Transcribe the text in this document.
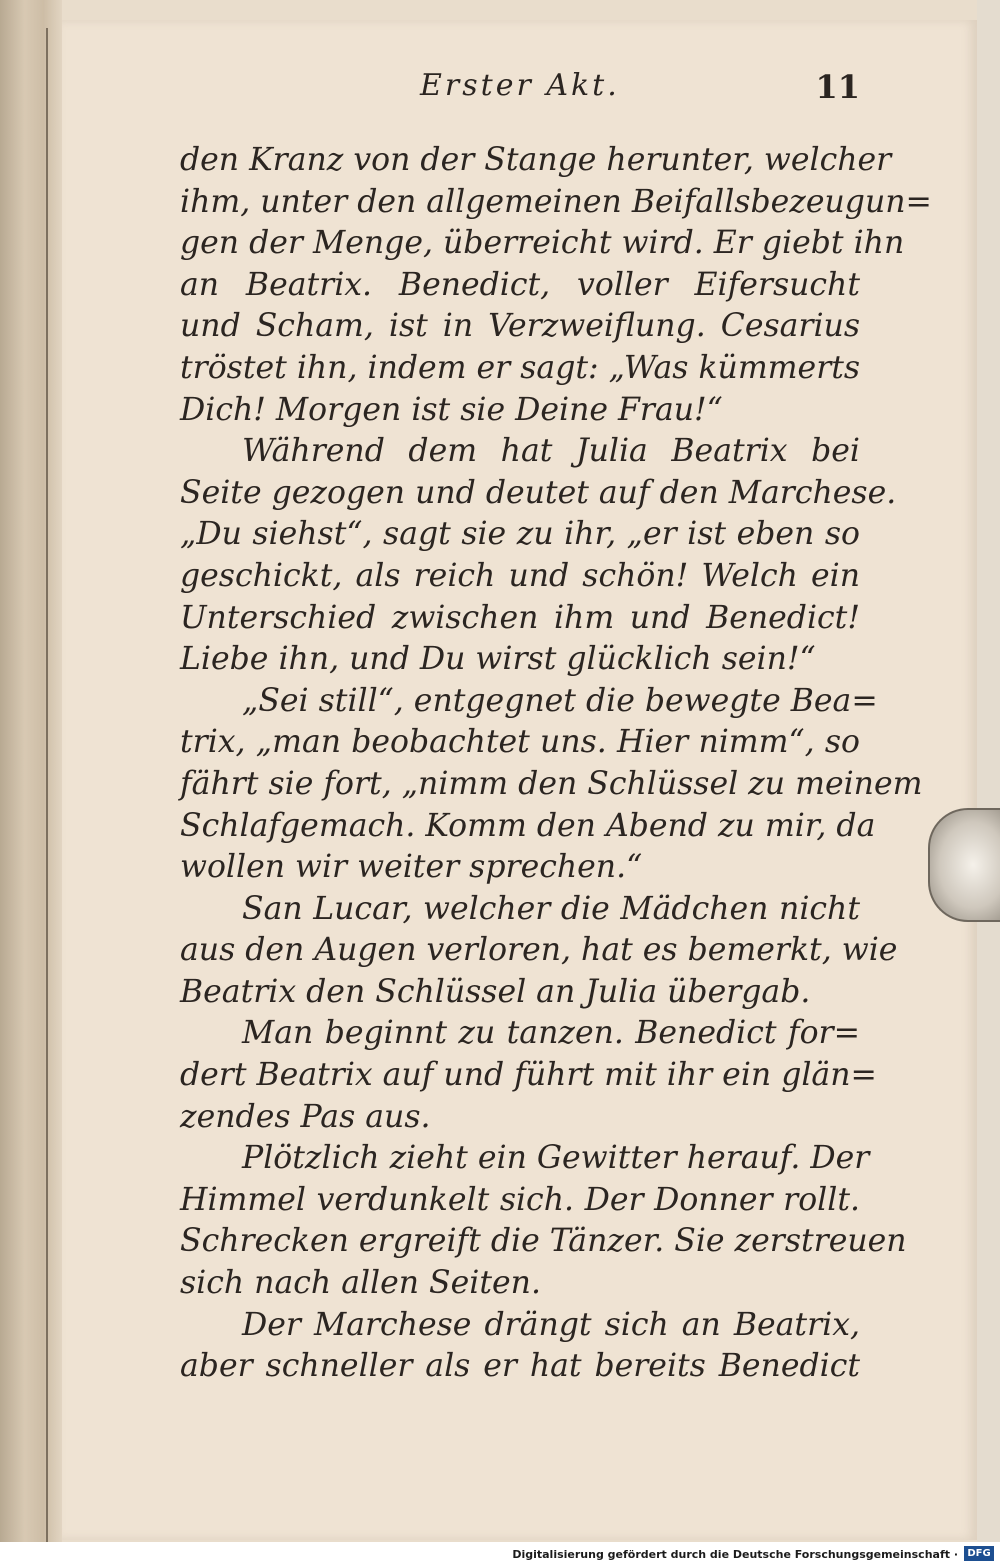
Erster Akt.	11
den Kranz von der Stange herunter, welcher
ihm, unter den allgemeinen Beifallsbezeugun=
gen der Menge, überreicht wird. Er giebt ihn
an Beatrix. Benedict, voller Eifersucht
und Scham, ist in Verzweiflung. Cesarius
tröstet ihn, indem er sagt: „Was kümmerts
Dich! Morgen ist sie Deine Frau!“
Während dem hat Julia Beatrix bei
Seite gezogen und deutet auf den Marchese.
„Du siehst“, sagt sie zu ihr, „er ist eben so
geschickt, als reich und schön! Welch ein
Unterschied zwischen ihm und Benedict!
Liebe ihn, und Du wirst glücklich sein!“
„Sei still“, entgegnet die bewegte Bea=
trix, „man beobachtet uns. Hier nimm“, so
fährt sie fort, „nimm den Schlüssel zu meinem
Schlafgemach. Komm den Abend zu mir, da
wollen wir weiter sprechen.“
San Lucar, welcher die Mädchen nicht
aus den Augen verloren, hat es bemerkt, wie
Beatrix den Schlüssel an Julia übergab.
Man beginnt zu tanzen. Benedict for=
dert Beatrix auf und führt mit ihr ein glän=
zendes Pas aus.
Plötzlich zieht ein Gewitter herauf. Der
Himmel verdunkelt sich. Der Donner rollt.
Schrecken ergreift die Tänzer. Sie zerstreuen
sich nach allen Seiten.
Der Marchese drängt sich an Beatrix,
aber schneller als er hat bereits Benedict
Digitalisierung gefördert durch die Deutsche Forschungsgemeinschaft · DFG
